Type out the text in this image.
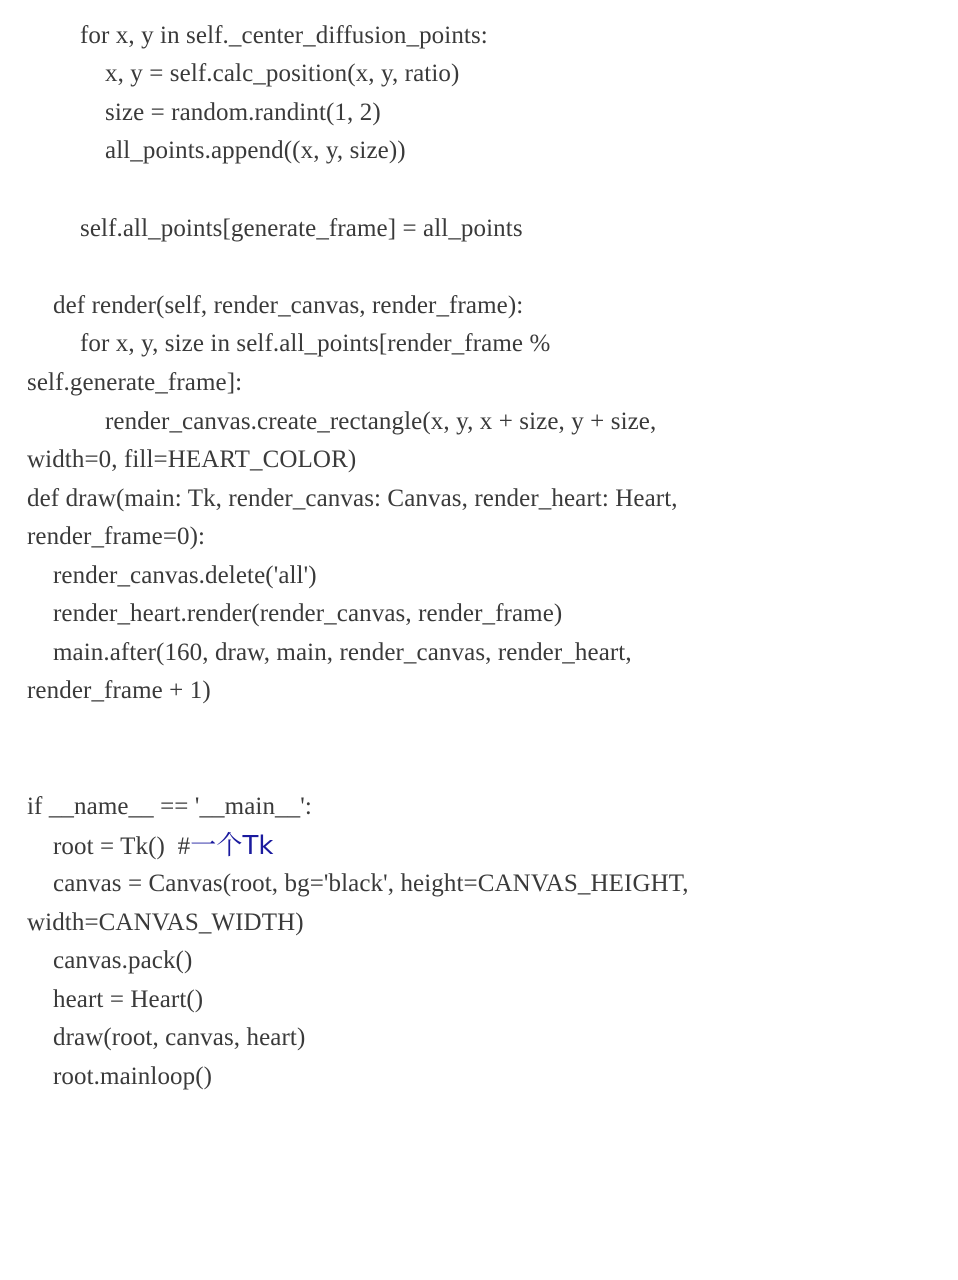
for x, y in self._center_diffusion_points:
x, y = self.calc_position(x, y, ratio)
size = random.randint(1, 2)
all_points.append((x, y, size))
self.all_points[generate_frame] = all_points
def render(self, render_canvas, render_frame):
for x, y, size in self.all_points[render_frame %
self.generate_frame]:
render_canvas.create_rectangle(x, y, x + size, y + size,
width=0, fill=HEART_COLOR)
def draw(main: Tk, render_canvas: Canvas, render_heart: Heart,
render_frame=0):
render_canvas.delete('all')
render_heart.render(render_canvas, render_frame)
main.after(160, draw, main, render_canvas, render_heart,
render_frame + 1)
if __name__ == '__main__':
root = Tk()  #一个Tk
canvas = Canvas(root, bg='black', height=CANVAS_HEIGHT,
width=CANVAS_WIDTH)
canvas.pack()
heart = Heart()
draw(root, canvas, heart)
root.mainloop()
